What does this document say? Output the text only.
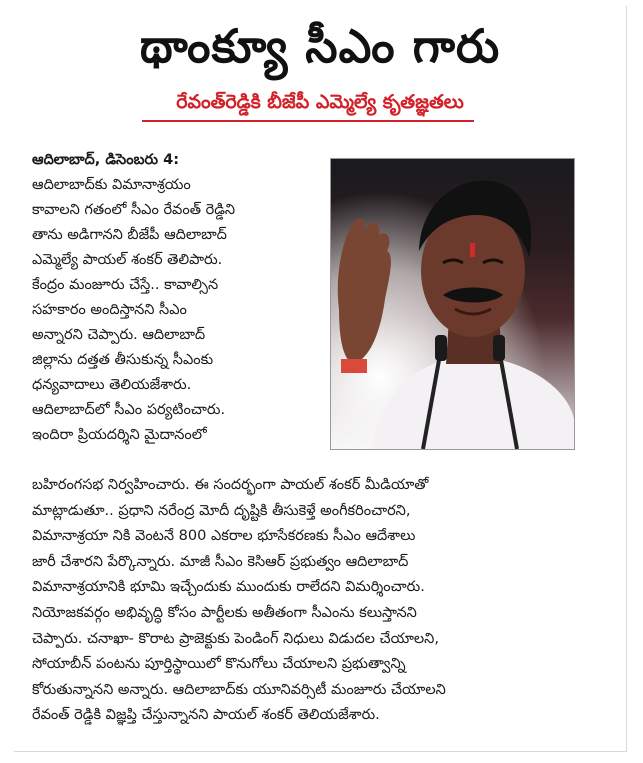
థాంక్యూ సీఎం గారు
రేవంత్‌రెడ్డికి బీజేపీ ఎమ్మెల్యే కృతజ్ఞతలు
ఆదిలాబాద్‌, డిసెంబరు 4:
ఆదిలాబాద్‌కు విమానాశ్రయం
కావాలని గతంలో సీఎం రేవంత్‌ రెడ్డిని
తాను అడిగానని బీజేపీ ఆదిలాబాద్‌
ఎమ్మెల్యే పాయల్‌ శంకర్‌ తెలిపారు.
కేంద్రం మంజూరు చేస్తే.. కావాల్సిన
సహకారం అందిస్తానని సీఎం
అన్నారని చెప్పారు. ఆదిలాబాద్‌
జిల్లాను దత్తత తీసుకున్న సీఎంకు
ధన్యవాదాలు తెలియజేశారు.
ఆదిలాబాద్‌లో సీఎం పర్యటించారు.
ఇందిరా ప్రియదర్శిని మైదానంలో
బహిరంగసభ నిర్వహించారు. ఈ సందర్భంగా పాయల్‌ శంకర్‌ మీడియాతో
మాట్లాడుతూ.. ప్రధాని నరేంద్ర మోదీ దృష్టికి తీసుకెళ్తే అంగీకరించారని,
విమానాశ్రయా నికి వెంటనే 800 ఎకరాల భూసేకరణకు సీఎం ఆదేశాలు
జారీ చేశారని పేర్కొన్నారు. మాజీ సీఎం కెసిఆర్‌ ప్రభుత్వం ఆదిలాబాద్‌
విమానాశ్రయానికి భూమి ఇచ్చేందుకు ముందుకు రాలేదని విమర్శించారు.
నియోజకవర్గం అభివృద్ధి కోసం పార్టీలకు అతీతంగా సీఎంను కలుస్తానని
చెప్పారు. చనాఖా- కొరాట ప్రాజెక్టుకు పెండింగ్‌ నిధులు విడుదల చేయాలని,
సోయాబీన్‌ పంటను పూర్తిస్థాయిలో కొనుగోలు చేయాలని ప్రభుత్వాన్ని
కోరుతున్నానని అన్నారు. ఆదిలాబాద్‌కు యూనివర్సిటీ మంజూరు చేయాలని
రేవంత్‌ రెడ్డికి విజ్ఞప్తి చేస్తున్నానని పాయల్‌ శంకర్‌ తెలియజేశారు.
